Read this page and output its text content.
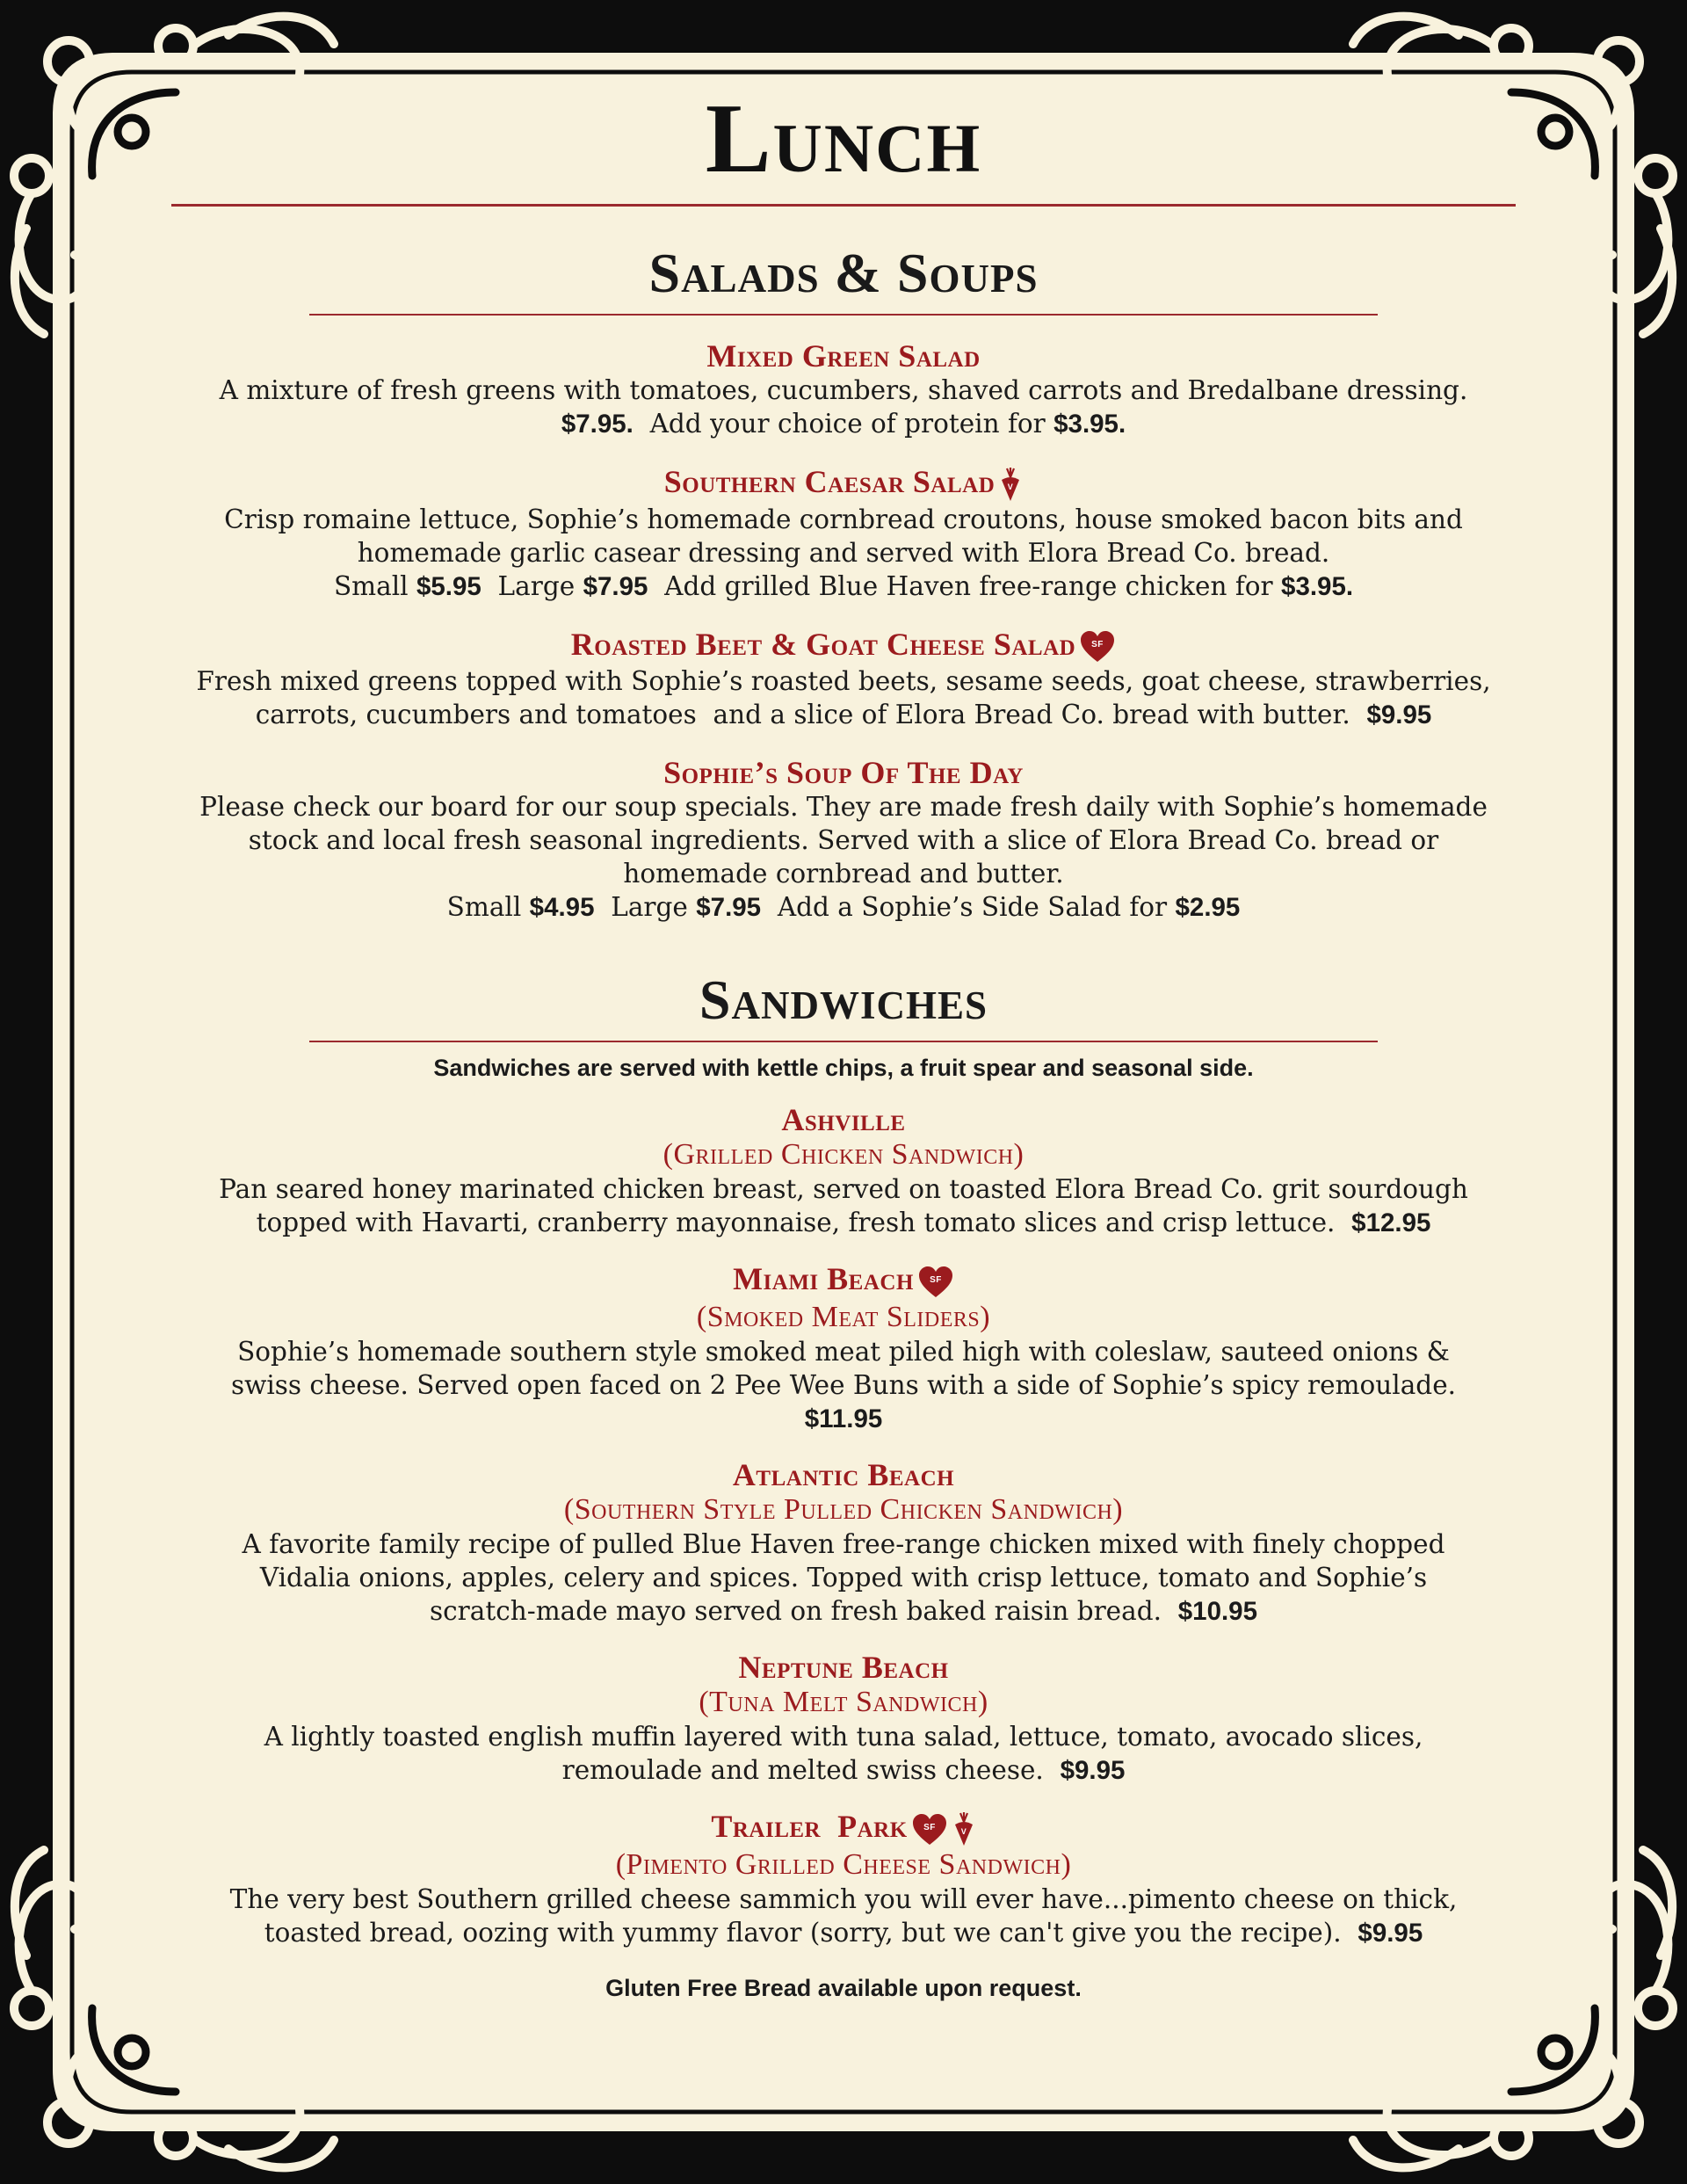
Lunch
Salads & Soups
Mixed Green Salad
A mixture of fresh greens with tomatoes, cucumbers, shaved carrots and Bredalbane dressing.
$7.95.  Add your choice of protein for $3.95.
Southern Caesar Salad V
Crisp romaine lettuce, Sophie’s homemade cornbread croutons, house smoked bacon bits and
homemade garlic casear dressing and served with Elora Bread Co. bread.
Small $5.95  Large $7.95  Add grilled Blue Haven free-range chicken for $3.95.
Roasted Beet & Goat Cheese Salad SF
Fresh mixed greens topped with Sophie’s roasted beets, sesame seeds, goat cheese, strawberries,
carrots, cucumbers and tomatoes  and a slice of Elora Bread Co. bread with butter.  $9.95
Sophie’s Soup Of The Day
Please check our board for our soup specials. They are made fresh daily with Sophie’s homemade
stock and local fresh seasonal ingredients. Served with a slice of Elora Bread Co. bread or
homemade cornbread and butter.
Small $4.95  Large $7.95  Add a Sophie’s Side Salad for $2.95
Sandwiches
Sandwiches are served with kettle chips, a fruit spear and seasonal side.
Ashville
(Grilled Chicken Sandwich)
Pan seared honey marinated chicken breast, served on toasted Elora Bread Co. grit sourdough
topped with Havarti, cranberry mayonnaise, fresh tomato slices and crisp lettuce.  $12.95
Miami Beach SF
(Smoked Meat Sliders)
Sophie’s homemade southern style smoked meat piled high with coleslaw, sauteed onions &
swiss cheese. Served open faced on 2 Pee Wee Buns with a side of Sophie’s spicy remoulade.
$11.95
Atlantic Beach
(Southern Style Pulled Chicken Sandwich)
A favorite family recipe of pulled Blue Haven free-range chicken mixed with finely chopped
Vidalia onions, apples, celery and spices. Topped with crisp lettuce, tomato and Sophie’s
scratch-made mayo served on fresh baked raisin bread.  $10.95
Neptune Beach
(Tuna Melt Sandwich)
A lightly toasted english muffin layered with tuna salad, lettuce, tomato, avocado slices,
remoulade and melted swiss cheese.  $9.95
Trailer  Park SF	V
(Pimento Grilled Cheese Sandwich)
The very best Southern grilled cheese sammich you will ever have...pimento cheese on thick,
toasted bread, oozing with yummy flavor (sorry, but we can't give you the recipe).  $9.95
Gluten Free Bread available upon request.
